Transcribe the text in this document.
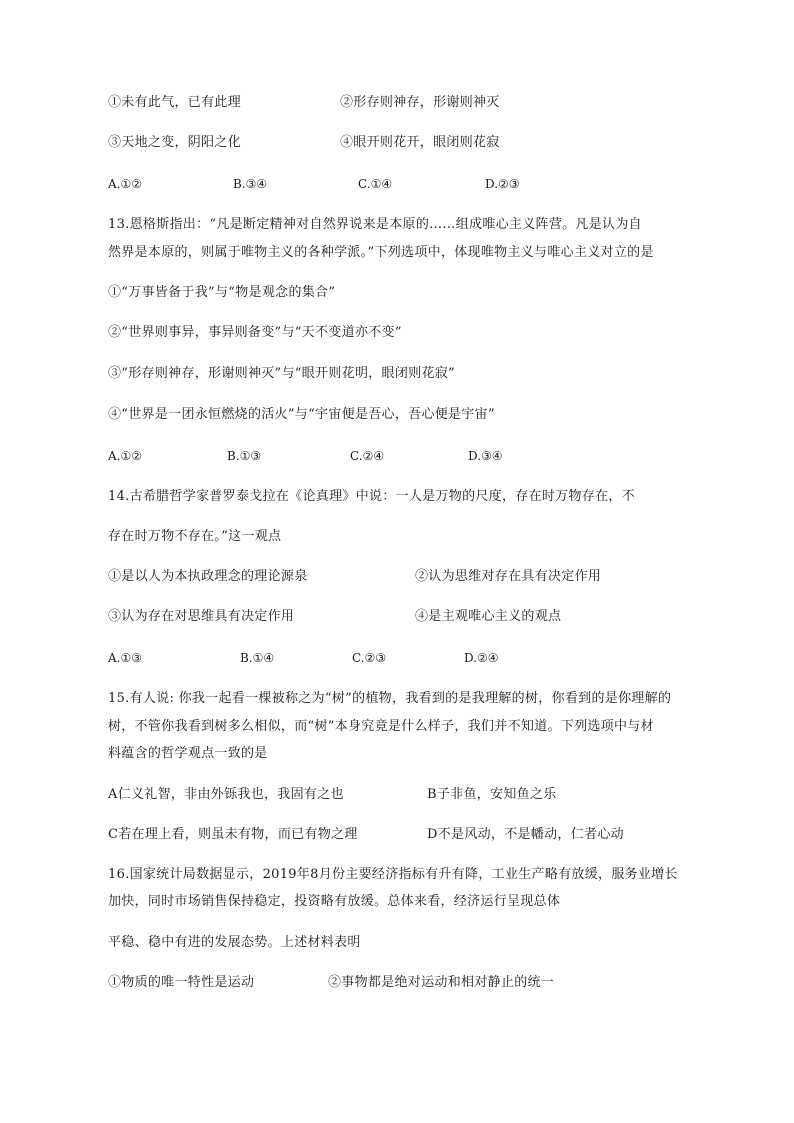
①未有此气，已有此理	②形存则神存，形谢则神灭
③天地之变，阴阳之化	④眼开则花开，眼闭则花寂
A.①②	B.③④	C.①④	D.②③
13.恩格斯指出：“凡是断定精神对自然界说来是本原的……组成唯心主义阵营。凡是认为自
然界是本原的，则属于唯物主义的各种学派。”下列选项中，体现唯物主义与唯心主义对立的是
①“万事皆备于我”与“物是观念的集合”
②“世界则事异，事异则备变”与“天不变道亦不变”
③“形存则神存，形谢则神灭”与“眼开则花明，眼闭则花寂”
④“世界是一团永恒燃烧的活火”与“宇宙便是吾心，吾心便是宇宙”
A.①②	B.①③	C.②④	D.③④
14.古希腊哲学家普罗泰戈拉在《论真理》中说：一人是万物的尺度，存在时万物存在，不
存在时万物不存在。”这一观点
①是以人为本执政理念的理论源泉	②认为思维对存在具有决定作用
③认为存在对思维具有决定作用	④是主观唯心主义的观点
A.①③	B.①④	C.②③	D.②④
15.有人说: 你我一起看一棵被称之为“树”的植物，我看到的是我理解的树，你看到的是你理解的
树，不管你我看到树多么相似，而“树”本身究竟是什么样子，我们并不知道。下列选项中与材
料蕴含的哲学观点一致的是
A仁义礼智，非由外铄我也，我固有之也	B子非鱼，安知鱼之乐
C若在理上看，则虽未有物，而已有物之理	D不是风动，不是幡动，仁者心动
16.国家统计局数据显示，2019年8月份主要经济指标有升有降，工业生产略有放缓，服务业增长
加快，同时市场销售保持稳定，投资略有放缓。总体来看，经济运行呈现总体
平稳、稳中有进的发展态势。上述材料表明
①物质的唯一特性是运动	②事物都是绝对运动和相对静止的统一
